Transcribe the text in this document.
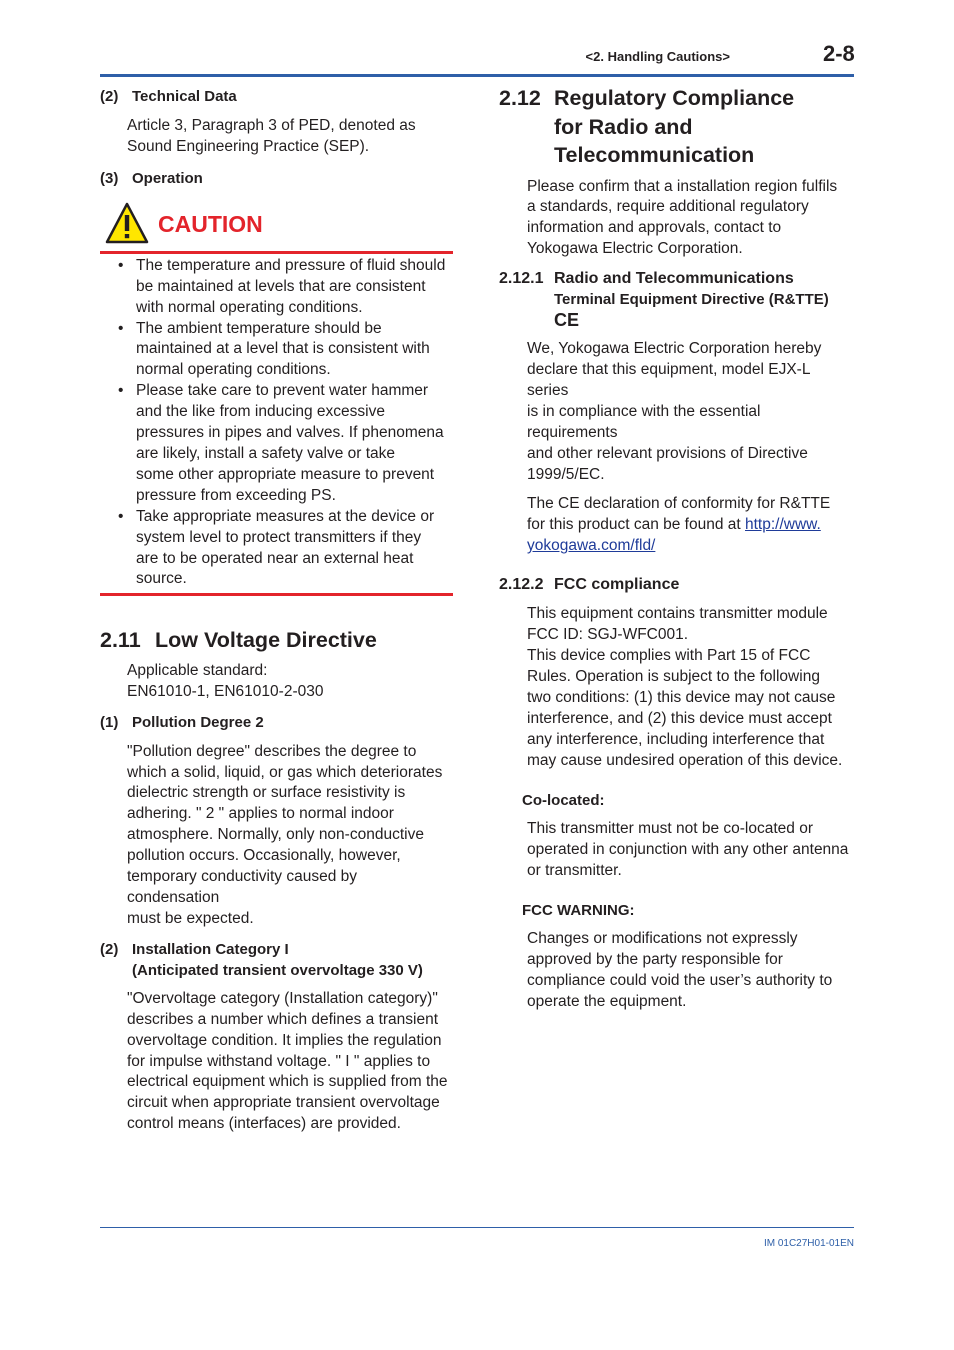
<2. Handling Cautions>	2-8
(2) Technical Data
Article 3, Paragraph 3 of PED, denoted as
Sound Engineering Practice (SEP).
(3) Operation
CAUTION
• The temperature and pressure of fluid should
be maintained at levels that are consistent
with normal operating conditions.
• The ambient temperature should be
maintained at a level that is consistent with
normal operating conditions.
• Please take care to prevent water hammer
and the like from inducing excessive
pressures in pipes and valves. If phenomena
are likely, install a safety valve or take
some other appropriate measure to prevent
pressure from exceeding PS.
• Take appropriate measures at the device or
system level to protect transmitters if they
are to be operated near an external heat
source.
2.11 Low Voltage Directive
Applicable standard:
EN61010-1, EN61010-2-030
(1) Pollution Degree 2
"Pollution degree" describes the degree to
which a solid, liquid, or gas which deteriorates
dielectric strength or surface resistivity is
adhering. " 2 " applies to normal indoor
atmosphere. Normally, only non-conductive
pollution occurs. Occasionally, however,
temporary conductivity caused by condensation
must be expected.
(2) Installation Category I
(Anticipated transient overvoltage 330 V)
"Overvoltage category (Installation category)"
describes a number which defines a transient
overvoltage condition. It implies the regulation
for impulse withstand voltage. " I " applies to
electrical equipment which is supplied from the
circuit when appropriate transient overvoltage
control means (interfaces) are provided.
2.12 Regulatory Compliance
for Radio and
Telecommunication
Please confirm that a installation region fulfils
a standards, require additional regulatory
information and approvals, contact to
Yokogawa Electric Corporation.
2.12.1 Radio and Telecommunications
Terminal Equipment Directive (R&TTE)
CE
We, Yokogawa Electric Corporation hereby
declare that this equipment, model EJX-L series
is in compliance with the essential requirements
and other relevant provisions of Directive
1999/5/EC.
The CE declaration of conformity for R&TTE
for this product can be found at http://www.
yokogawa.com/fld/
2.12.2 FCC compliance
This equipment contains transmitter module
FCC ID: SGJ-WFC001.
This device complies with Part 15 of FCC
Rules. Operation is subject to the following
two conditions: (1) this device may not cause
interference, and (2) this device must accept
any interference, including interference that
may cause undesired operation of this device.
Co-located:
This transmitter must not be co-located or
operated in conjunction with any other antenna
or transmitter.
FCC WARNING:
Changes or modifications not expressly
approved by the party responsible for
compliance could void the user’s authority to
operate the equipment.
IM 01C27H01-01EN
